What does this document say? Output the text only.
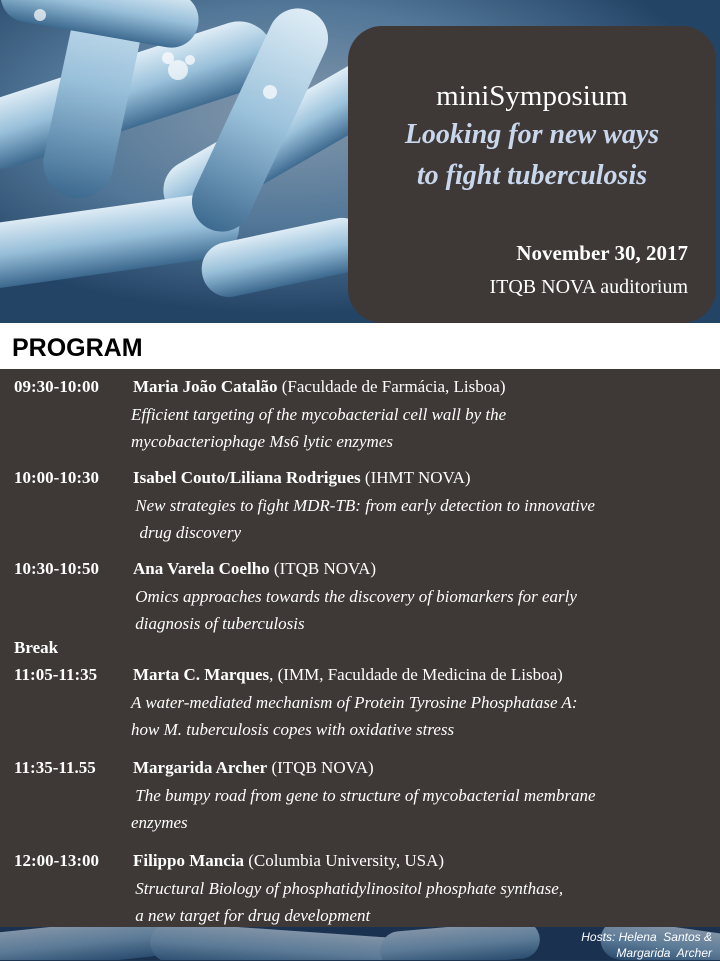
miniSymposium
Looking for new ways
to fight tuberculosis
November 30, 2017
ITQB NOVA auditorium
PROGRAM
09:30-10:00 Maria João Catalão (Faculdade de Farmácia, Lisboa)
Efficient targeting of the mycobacterial cell wall by the
mycobacteriophage Ms6 lytic enzymes
10:00-10:30 Isabel Couto/Liliana Rodrigues (IHMT NOVA)
New strategies to fight MDR-TB: from early detection to innovative
drug discovery
10:30-10:50 Ana Varela Coelho (ITQB NOVA)
Omics approaches towards the discovery of biomarkers for early
diagnosis of tuberculosis
Break
11:05-11:35 Marta C. Marques, (IMM, Faculdade de Medicina de Lisboa)
A water-mediated mechanism of Protein Tyrosine Phosphatase A:
how M. tuberculosis copes with oxidative stress
11:35-11.55 Margarida Archer (ITQB NOVA)
The bumpy road from gene to structure of mycobacterial membrane
enzymes
12:00-13:00 Filippo Mancia (Columbia University, USA)
Structural Biology of phosphatidylinositol phosphate synthase,
a new target for drug development
Hosts: Helena  Santos &
Margarida  Archer
